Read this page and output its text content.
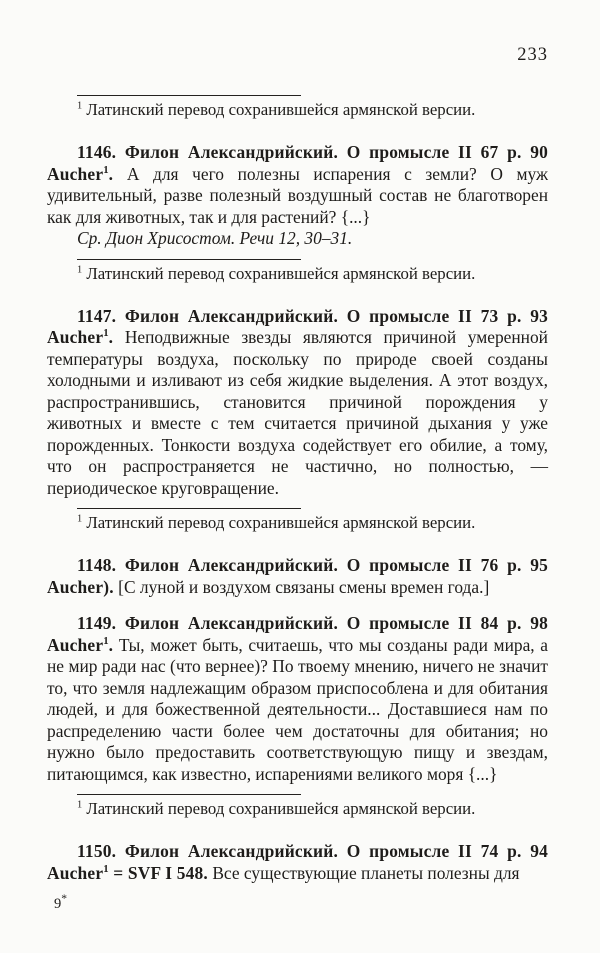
233

$^1$ Латинский перевод сохранившейся армянской версии.

1146. Филон Александрийский. О промысле II 67 p. 90 Aucher$^1$. А для чего полезны испарения с земли? О муж удивительный, разве полезный воздушный состав не благотворен как для животных, так и для растений? {...}

Ср. Дион Хрисостом. Речи 12, 30–31.

$^1$ Латинский перевод сохранившейся армянской версии.

1147. Филон Александрийский. О промысле II 73 p. 93 Aucher$^1$. Неподвижные звезды являются причиной умеренной температуры воздуха, поскольку по природе своей созданы холодными и изливают из себя жидкие выделения. А этот воздух, распространившись, становится причиной порождения у животных и вместе с тем считается причиной дыхания у уже порожденных. Тонкости воздуха содействует его обилие, а тому, что он распространяется не частично, но полностью, — периодическое круговращение.

$^1$ Латинский перевод сохранившейся армянской версии.

1148. Филон Александрийский. О промысле II 76 p. 95 Aucher). [С луной и воздухом связаны смены времен года.]

1149. Филон Александрийский. О промысле II 84 p. 98 Aucher$^1$. Ты, может быть, считаешь, что мы созданы ради мира, а не мир ради нас (что вернее)? По твоему мнению, ничего не значит то, что земля надлежащим образом приспособлена и для обитания людей, и для божественной деятельности... Доставшиеся нам по распределению части более чем достаточны для обитания; но нужно было предоставить соответствующую пищу и звездам, питающимся, как известно, испарениями великого моря {...}

$^1$ Латинский перевод сохранившейся армянской версии.

1150. Филон Александрийский. О промысле II 74 p. 94 Aucher$^1$ = SVF I 548. Все существующие планеты полезны для

9*
